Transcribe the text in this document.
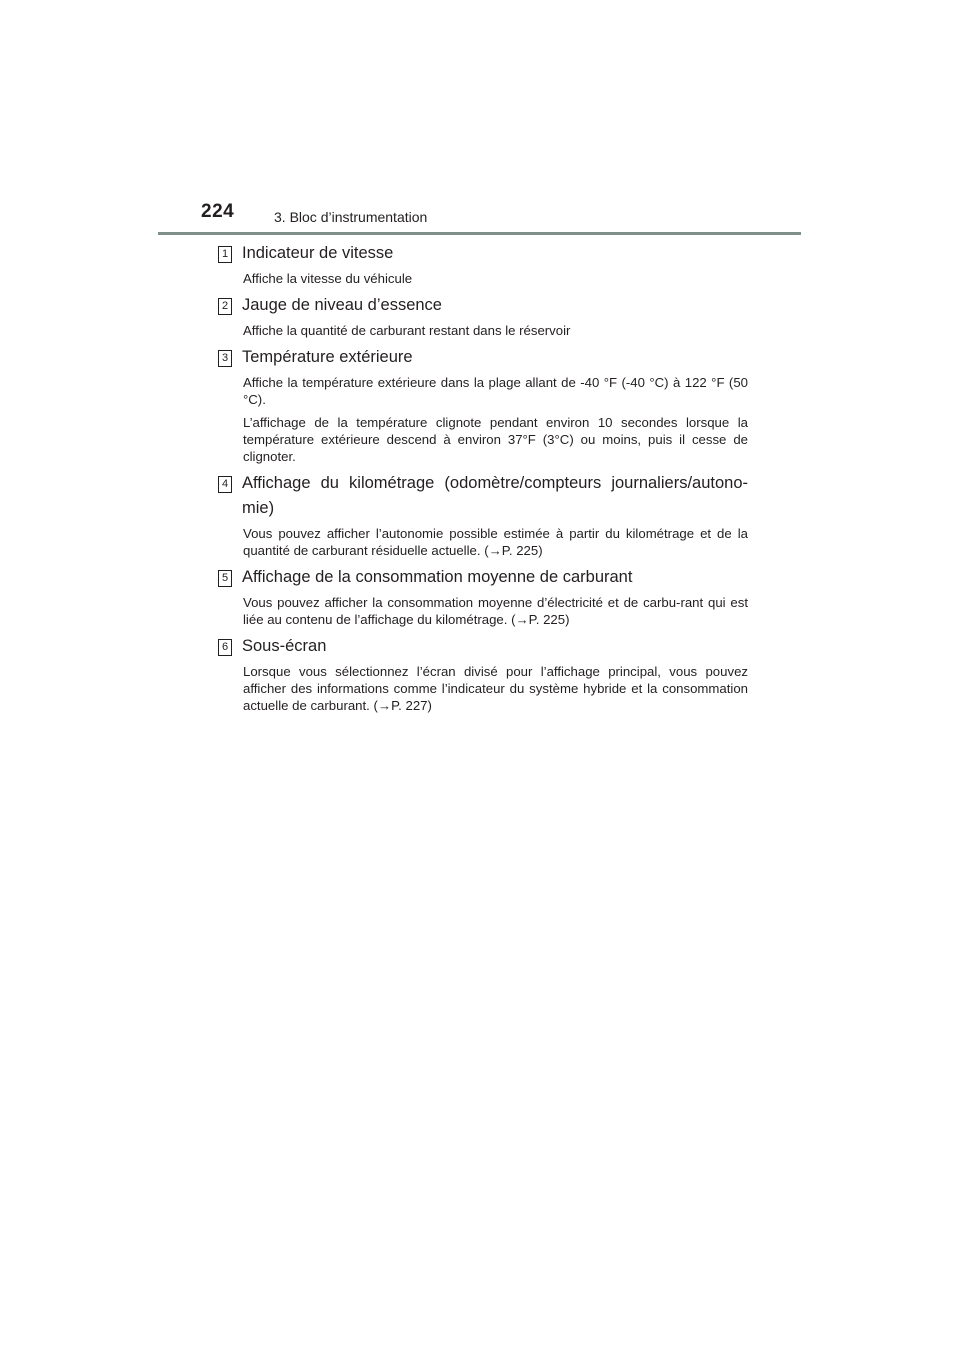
224	3. Bloc d’instrumentation
1 Indicateur de vitesse
Affiche la vitesse du véhicule
2 Jauge de niveau d’essence
Affiche la quantité de carburant restant dans le réservoir
3 Température extérieure
Affiche la température extérieure dans la plage allant de -40 °F (-40 °C) à 122 °F (50 °C).
L’affichage de la température clignote pendant environ 10 secondes lorsque la température extérieure descend à environ 37°F (3°C) ou moins, puis il cesse de clignoter.
4 Affichage du kilométrage (odomètre/compteurs journaliers/autono-mie)
Vous pouvez afficher l’autonomie possible estimée à partir du kilométrage et de la quantité de carburant résiduelle actuelle. (→P. 225)
5 Affichage de la consommation moyenne de carburant
Vous pouvez afficher la consommation moyenne d’électricité et de carbu-rant qui est liée au contenu de l’affichage du kilométrage. (→P. 225)
6 Sous-écran
Lorsque vous sélectionnez l’écran divisé pour l’affichage principal, vous pouvez afficher des informations comme l’indicateur du système hybride et la consommation actuelle de carburant. (→P. 227)
